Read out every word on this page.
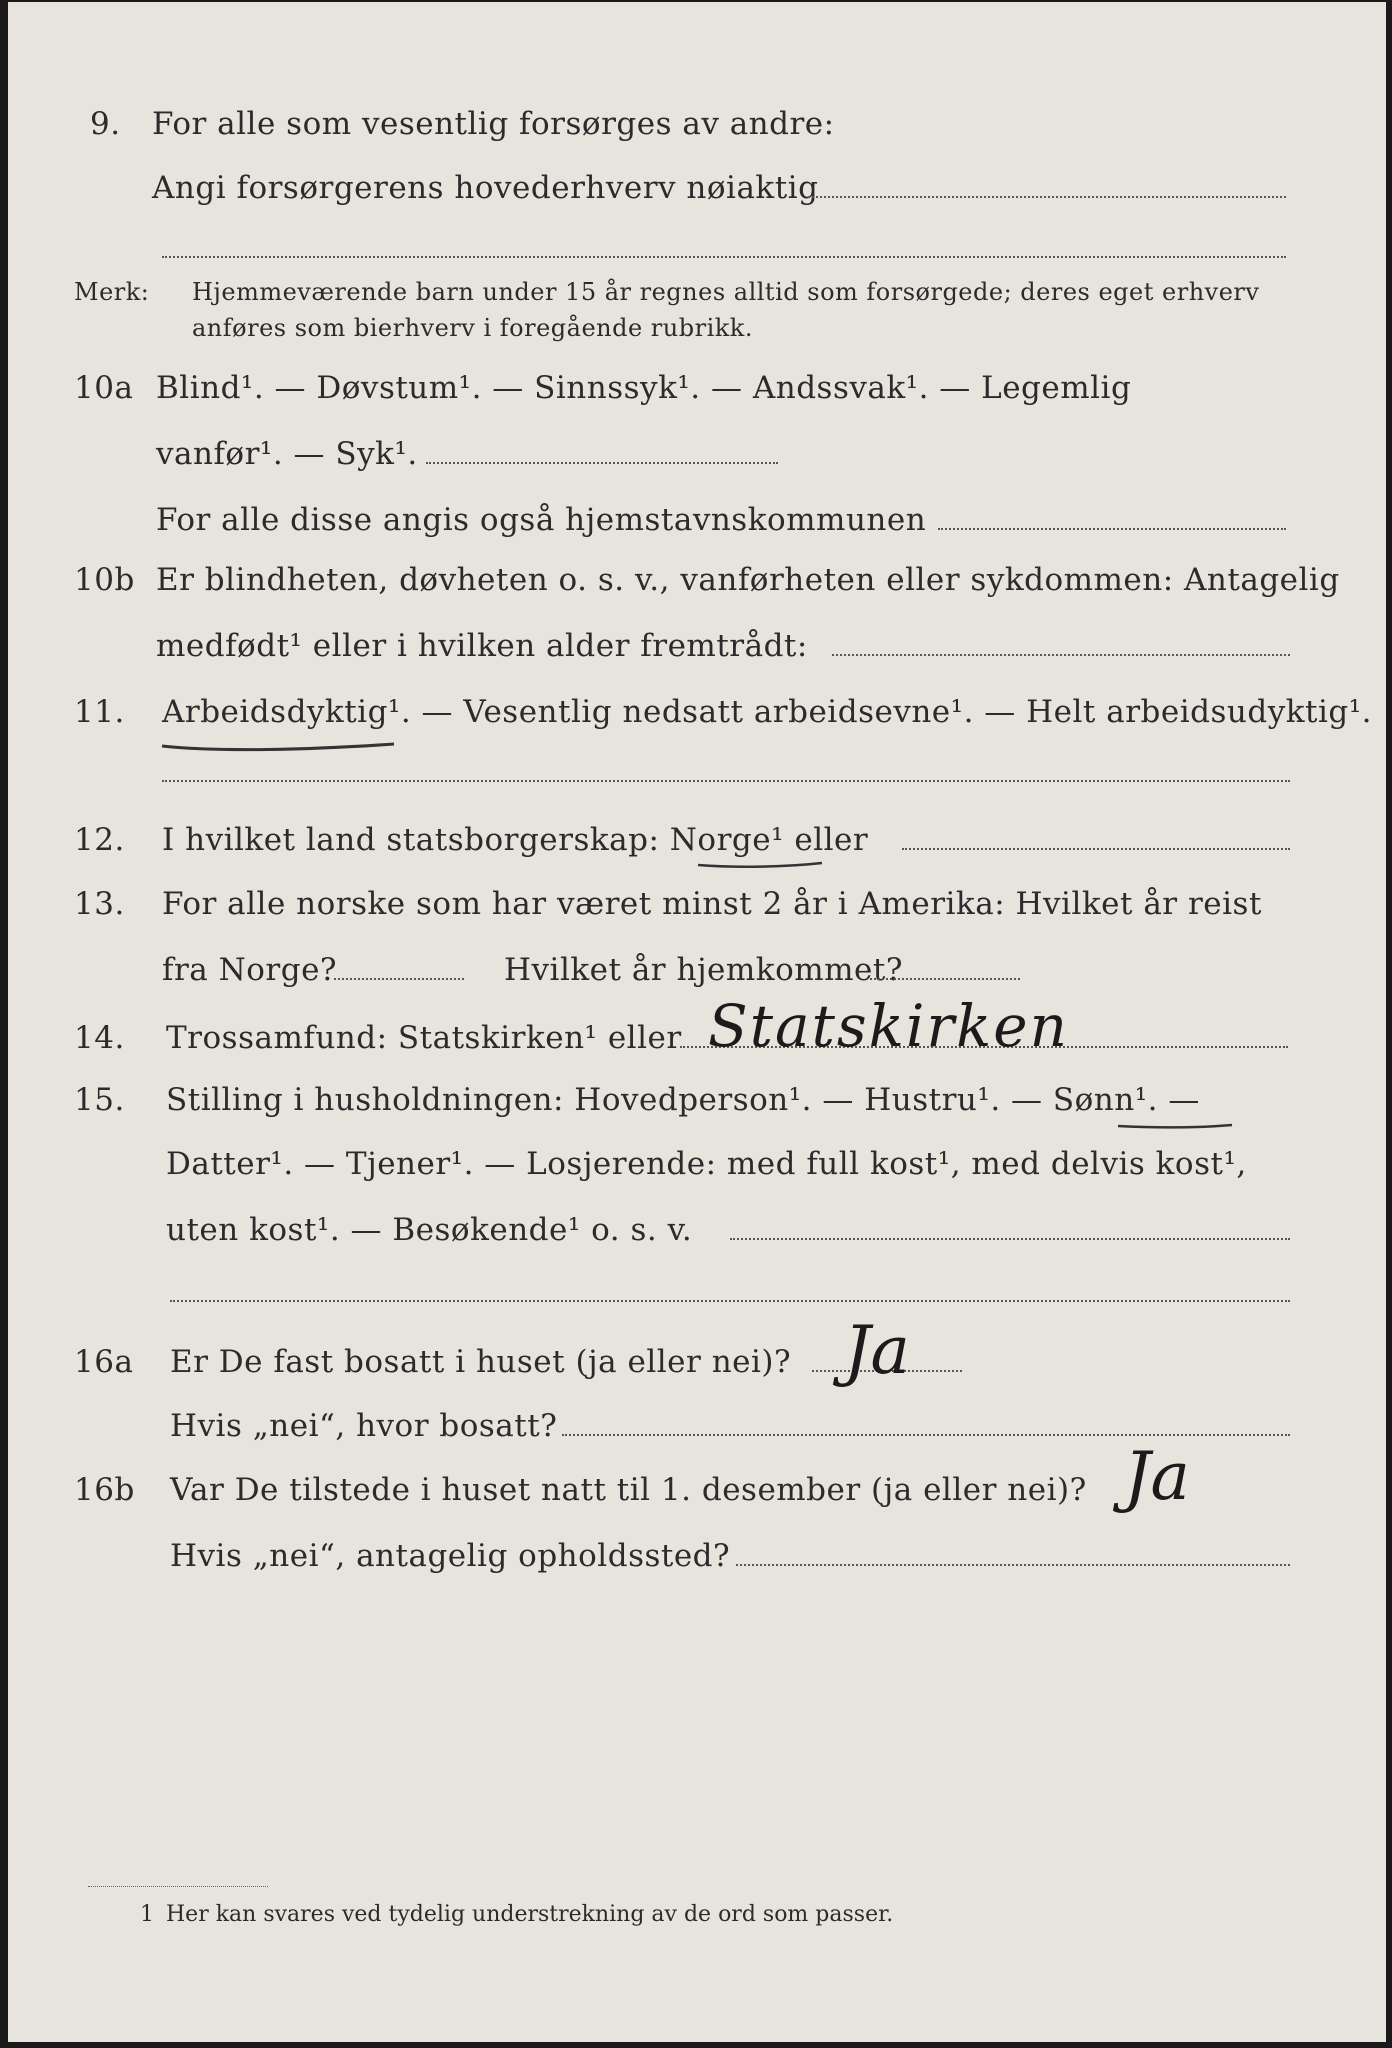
9. For alle som vesentlig forsørges av andre:
Angi forsørgerens hovederhverv nøiaktig
Merk: Hjemmeværende barn under 15 år regnes alltid som forsørgede; deres eget erhverv
anføres som bierhverv i foregående rubrikk.
10a Blind¹. — Døvstum¹. — Sinnssyk¹. — Andssvak¹. — Legemlig
vanfør¹. — Syk¹.
For alle disse angis også hjemstavnskommunen
10b Er blindheten, døvheten o. s. v., vanførheten eller sykdommen: Antagelig
medfødt¹ eller i hvilken alder fremtrådt:
11. Arbeidsdyktig¹. — Vesentlig nedsatt arbeidsevne¹. — Helt arbeidsudyktig¹.
12. I hvilket land statsborgerskap: Norge¹ eller
13. For alle norske som har været minst 2 år i Amerika: Hvilket år reist
fra Norge?	Hvilket år hjemkommet?
14. Trossamfund: Statskirken¹ eller Statskirken
15. Stilling i husholdningen: Hovedperson¹. — Hustru¹. — Sønn¹. —
Datter¹. — Tjener¹. — Losjerende: med full kost¹, med delvis kost¹,
uten kost¹. — Besøkende¹ o. s. v.
16a Er De fast bosatt i huset (ja eller nei)? Ja
Hvis „nei“, hvor bosatt?
16b Var De tilstede i huset natt til 1. desember (ja eller nei)? Ja
Hvis „nei“, antagelig opholdssted?
1 Her kan svares ved tydelig understrekning av de ord som passer.
